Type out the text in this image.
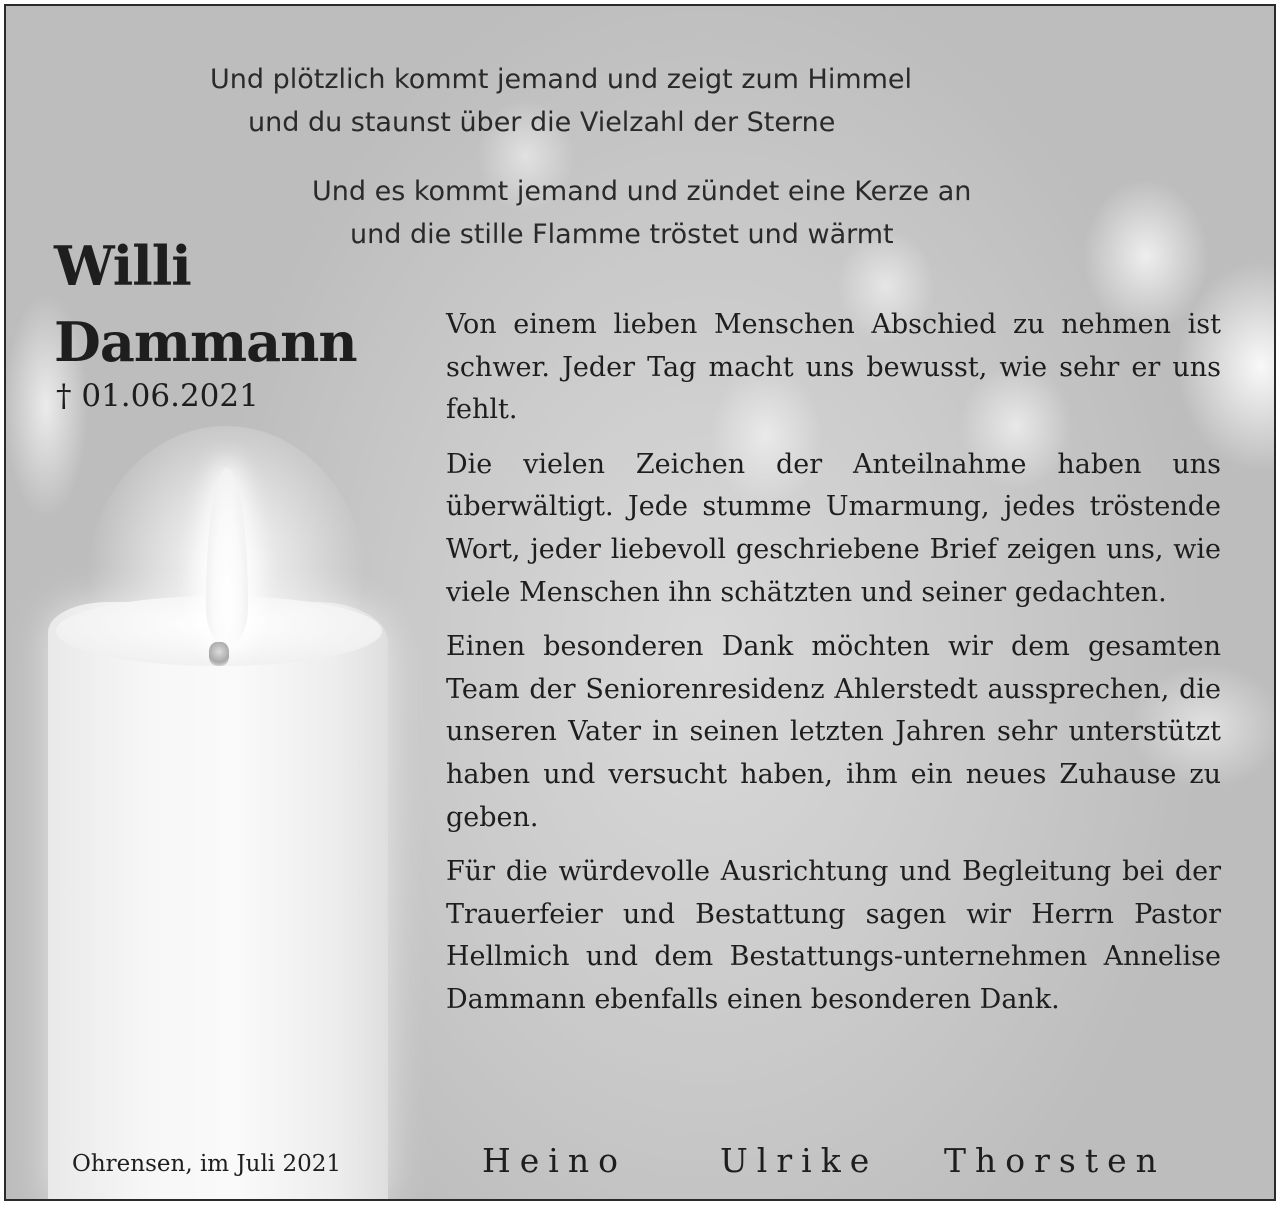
Und plötzlich kommt jemand und zeigt zum Himmel
und du staunst über die Vielzahl der Sterne
Und es kommt jemand und zündet eine Kerze an
und die stille Flamme tröstet und wärmt
Willi
Dammann
† 01.06.2021

Von einem lieben Menschen Abschied zu nehmen ist schwer. Jeder Tag macht uns bewusst, wie sehr er uns fehlt.

Die vielen Zeichen der Anteilnahme haben uns überwältigt. Jede stumme Umarmung, jedes tröstende Wort, jeder liebevoll geschriebene Brief zeigen uns, wie viele Menschen ihn schätzten und seiner gedachten.

Einen besonderen Dank möchten wir dem gesamten Team der Seniorenresidenz Ahlerstedt aussprechen, die unseren Vater in seinen letzten Jahren sehr unterstützt haben und versucht haben, ihm ein neues Zuhause zu geben.

Für die würdevolle Ausrichtung und Begleitung bei der Trauerfeier und Bestattung sagen wir Herrn Pastor Hellmich und dem Bestattungs-unternehmen Annelise Dammann ebenfalls einen besonderen Dank.

Ohrensen, im Juli 2021	Heino	Ulrike Thorsten
